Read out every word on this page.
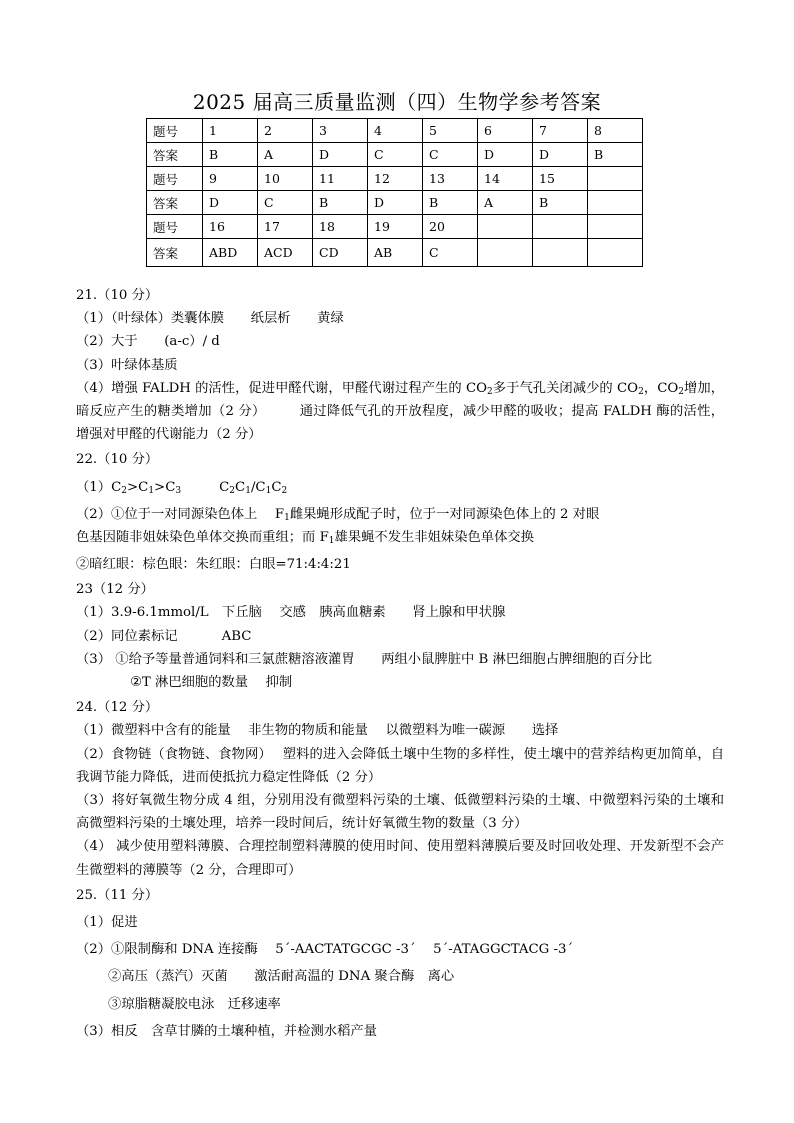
2025 届高三质量监测（四）生物学参考答案
题号	1	2	3	4	5	6	7	8
答案	B	A	D	C	C	D	D	B
题号	9	10	11	12	13	14	15	
答案	D	C	B	D	B	A	B	
题号	16	17	18	19	20			
答案	ABD	ACD	CD	AB	C			
21.（10 分）
（1）（叶绿体）类囊体膜　　纸层析　　黄绿
（2）大于　　(a-c）/ d
（3）叶绿体基质
（4）增强 FALDH 的活性，促进甲醛代谢，甲醛代谢过程产生的 $CO_2$多于气孔关闭减少的 $CO_2$，$CO_2$增加，暗反应产生的糖类增加（2 分）　　　通过降低气孔的开放程度，减少甲醛的吸收；提高 FALDH 酶的活性，增强对甲醛的代谢能力（2 分）
22.（10 分）
$(1)C_2>C_1>C_3$	$C_2C_1/C_1C_2$
（2）①位于一对同源染色体上　 $F_1$雌果蝇形成配子时，位于一对同源染色体上的 2 对眼
色基因随非姐妹染色单体交换而重组；而 $F_1$雄果蝇不发生非姐妹染色单体交换
②暗红眼：棕色眼：朱红眼：白眼=71:4:4:21
23（12 分）
（1）3.9-6.1mmol/L　下丘脑　 交感　胰高血糖素　　肾上腺和甲状腺
（2）同位素标记　　　 ABC
（3） ①给予等量普通饲料和三氯蔗糖溶液灌胃　　两组小鼠脾脏中 B 淋巴细胞占脾细胞的百分比
②T 淋巴细胞的数量　 抑制
24.（12 分）
（1）微塑料中含有的能量　 非生物的物质和能量　 以微塑料为唯一碳源　　选择
（2）食物链（食物链、食物网）　 塑料的进入会降低土壤中生物的多样性，使土壤中的营养结构更加简单，自我调节能力降低，进而使抵抗力稳定性降低（2 分）
（3）将好氧微生物分成 4 组，分别用没有微塑料污染的土壤、低微塑料污染的土壤、中微塑料污染的土壤和高微塑料污染的土壤处理，培养一段时间后，统计好氧微生物的数量（3 分）
（4） 减少使用塑料薄膜、合理控制塑料薄膜的使用时间、使用塑料薄膜后要及时回收处理、开发新型不会产生微塑料的薄膜等（2 分，合理即可）
25.（11 分）
（1）促进
（2）①限制酶和 DNA 连接酶　 5ˊ-AACTATGCGC -3ˊ　 5ˊ-ATAGGCTACG -3ˊ
②高压（蒸汽）灭菌　　激活耐高温的 DNA 聚合酶　离心
③琼脂糖凝胶电泳　迁移速率
（3）相反　含草甘膦的土壤种植，并检测水稻产量
